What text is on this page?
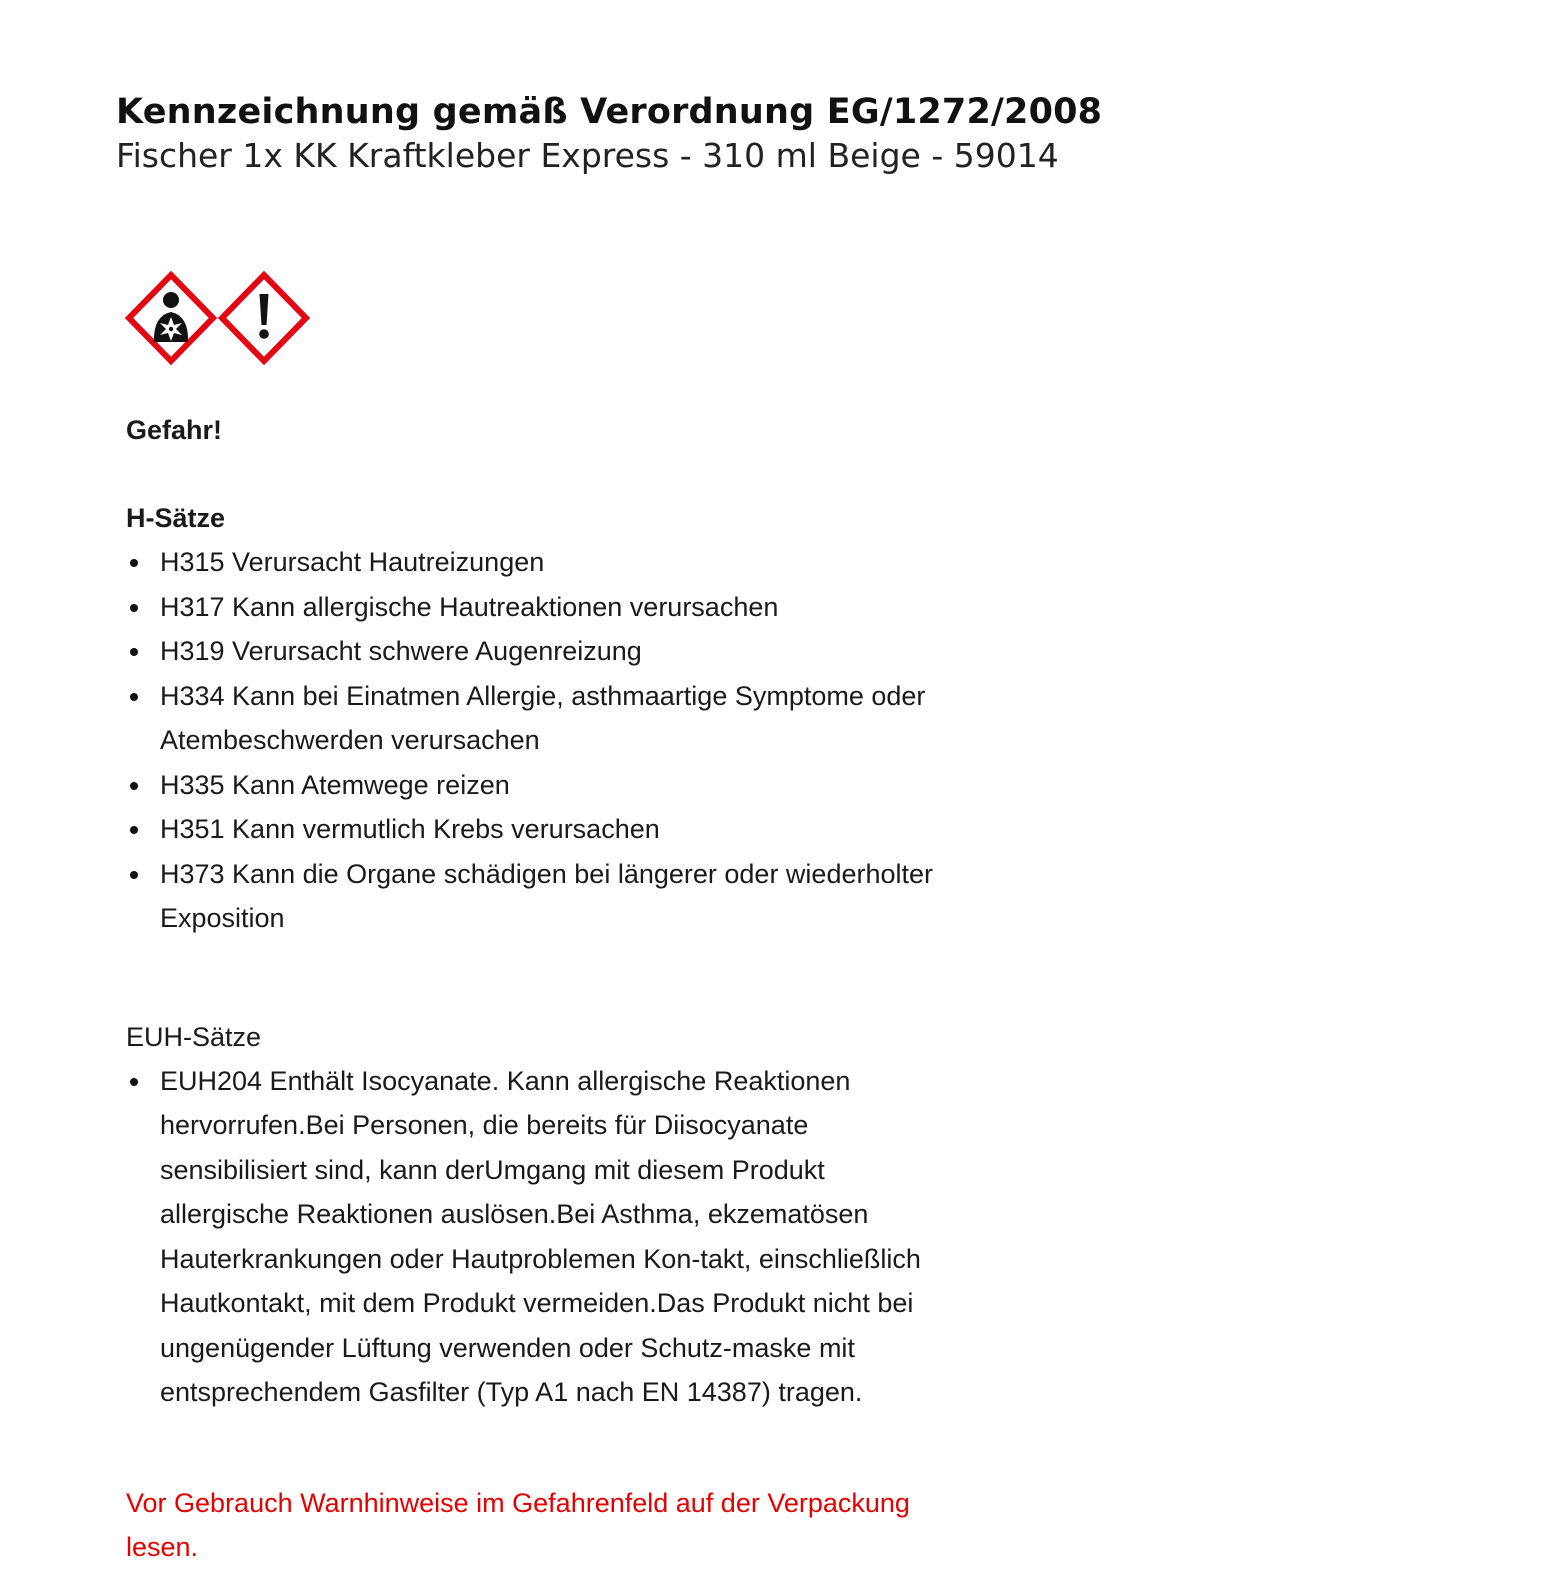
Kennzeichnung gemäß Verordnung EG/1272/2008
Fischer 1x KK Kraftkleber Express - 310 ml Beige - 59014

Gefahr!

H-Sätze

H315 Verursacht Hautreizungen
H317 Kann allergische Hautreaktionen verursachen
H319 Verursacht schwere Augenreizung
H334 Kann bei Einatmen Allergie, asthmaartige Symptome oder Atembeschwerden verursachen
H335 Kann Atemwege reizen
H351 Kann vermutlich Krebs verursachen
H373 Kann die Organe schädigen bei längerer oder wiederholter Exposition

EUH-Sätze

EUH204 Enthält Isocyanate. Kann allergische Reaktionen hervorrufen.Bei Personen, die bereits für Diisocyanate sensibilisiert sind, kann derUmgang mit diesem Produkt allergische Reaktionen auslösen.Bei Asthma, ekzematösen Hauterkrankungen oder Hautproblemen Kon-takt, einschließlich Hautkontakt, mit dem Produkt vermeiden.Das Produkt nicht bei ungenügender Lüftung verwenden oder Schutz-maske mit entsprechendem Gasfilter (Typ A1 nach EN 14387) tragen.

Vor Gebrauch Warnhinweise im Gefahrenfeld auf der Verpackung lesen.
